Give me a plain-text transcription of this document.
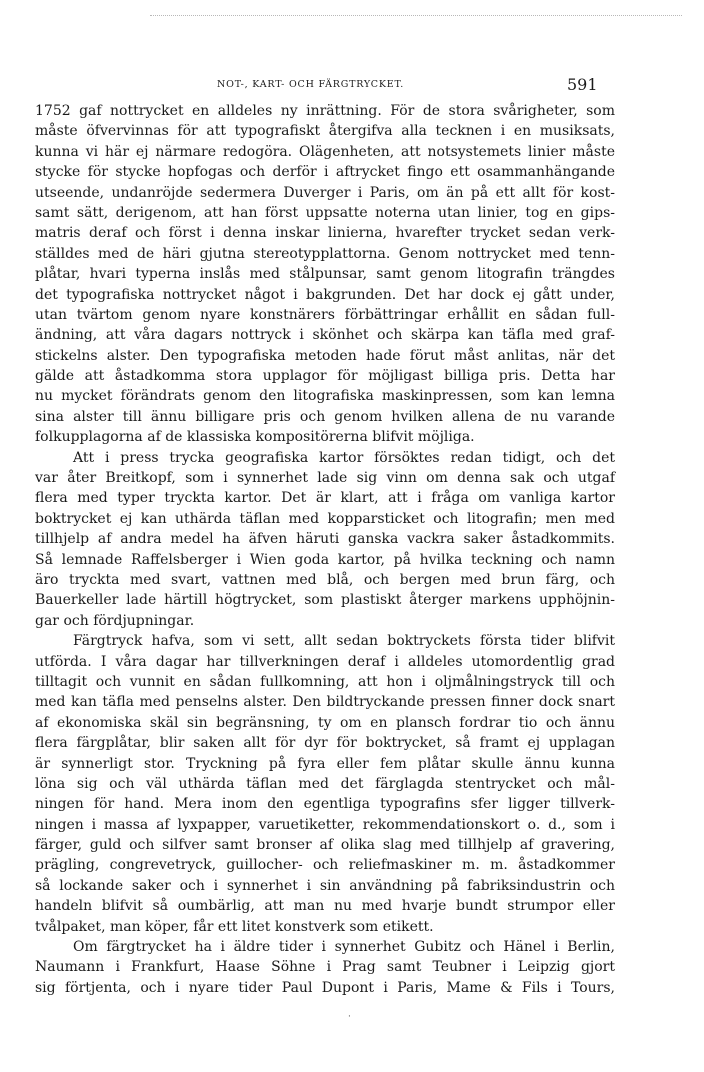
NOT-, KART- OCH FÄRGTRYCKET.	591
1752 gaf nottrycket en alldeles ny inrättning. För de stora svårigheter, som
måste öfvervinnas för att typografiskt återgifva alla tecknen i en musiksats,
kunna vi här ej närmare redogöra. Olägenheten, att notsystemets linier måste
stycke för stycke hopfogas och derför i aftrycket fingo ett osammanhängande
utseende, undanröjde sedermera Duverger i Paris, om än på ett allt för kost-
samt sätt, derigenom, att han först uppsatte noterna utan linier, tog en gips-
matris deraf och först i denna inskar linierna, hvarefter trycket sedan verk-
ställdes med de häri gjutna stereotypplattorna. Genom nottrycket med tenn-
plåtar, hvari typerna inslås med stålpunsar, samt genom litografin trängdes
det typografiska nottrycket något i bakgrunden. Det har dock ej gått under,
utan tvärtom genom nyare konstnärers förbättringar erhållit en sådan full-
ändning, att våra dagars nottryck i skönhet och skärpa kan täfla med graf-
stickelns alster. Den typografiska metoden hade förut måst anlitas, när det
gälde att åstadkomma stora upplagor för möjligast billiga pris. Detta har
nu mycket förändrats genom den litografiska maskinpressen, som kan lemna
sina alster till ännu billigare pris och genom hvilken allena de nu varande
folkupplagorna af de klassiska kompositörerna blifvit möjliga.
Att i press trycka geografiska kartor försöktes redan tidigt, och det
var åter Breitkopf, som i synnerhet lade sig vinn om denna sak och utgaf
flera med typer tryckta kartor. Det är klart, att i fråga om vanliga kartor
boktrycket ej kan uthärda täflan med kopparsticket och litografin; men med
tillhjelp af andra medel ha äfven häruti ganska vackra saker åstadkommits.
Så lemnade Raffelsberger i Wien goda kartor, på hvilka teckning och namn
äro tryckta med svart, vattnen med blå, och bergen med brun färg, och
Bauerkeller lade härtill högtrycket, som plastiskt återger markens upphöjnin-
gar och fördjupningar.
Färgtryck hafva, som vi sett, allt sedan boktryckets första tider blifvit
utförda. I våra dagar har tillverkningen deraf i alldeles utomordentlig grad
tilltagit och vunnit en sådan fullkomning, att hon i oljmålningstryck till och
med kan täfla med penselns alster. Den bildtryckande pressen finner dock snart
af ekonomiska skäl sin begränsning, ty om en plansch fordrar tio och ännu
flera färgplåtar, blir saken allt för dyr för boktrycket, så framt ej upplagan
är synnerligt stor. Tryckning på fyra eller fem plåtar skulle ännu kunna
löna sig och väl uthärda täflan med det färglagda stentrycket och mål-
ningen för hand. Mera inom den egentliga typografins sfer ligger tillverk-
ningen i massa af lyxpapper, varuetiketter, rekommendationskort o. d., som i
färger, guld och silfver samt bronser af olika slag med tillhjelp af gravering,
prägling, congrevetryck, guillocher- och reliefmaskiner m. m. åstadkommer
så lockande saker och i synnerhet i sin användning på fabriksindustrin och
handeln blifvit så oumbärlig, att man nu med hvarje bundt strumpor eller
tvålpaket, man köper, får ett litet konstverk som etikett.
Om färgtrycket ha i äldre tider i synnerhet Gubitz och Hänel i Berlin,
Naumann i Frankfurt, Haase Söhne i Prag samt Teubner i Leipzig gjort
sig förtjenta, och i nyare tider Paul Dupont i Paris, Mame & Fils i Tours,
·
